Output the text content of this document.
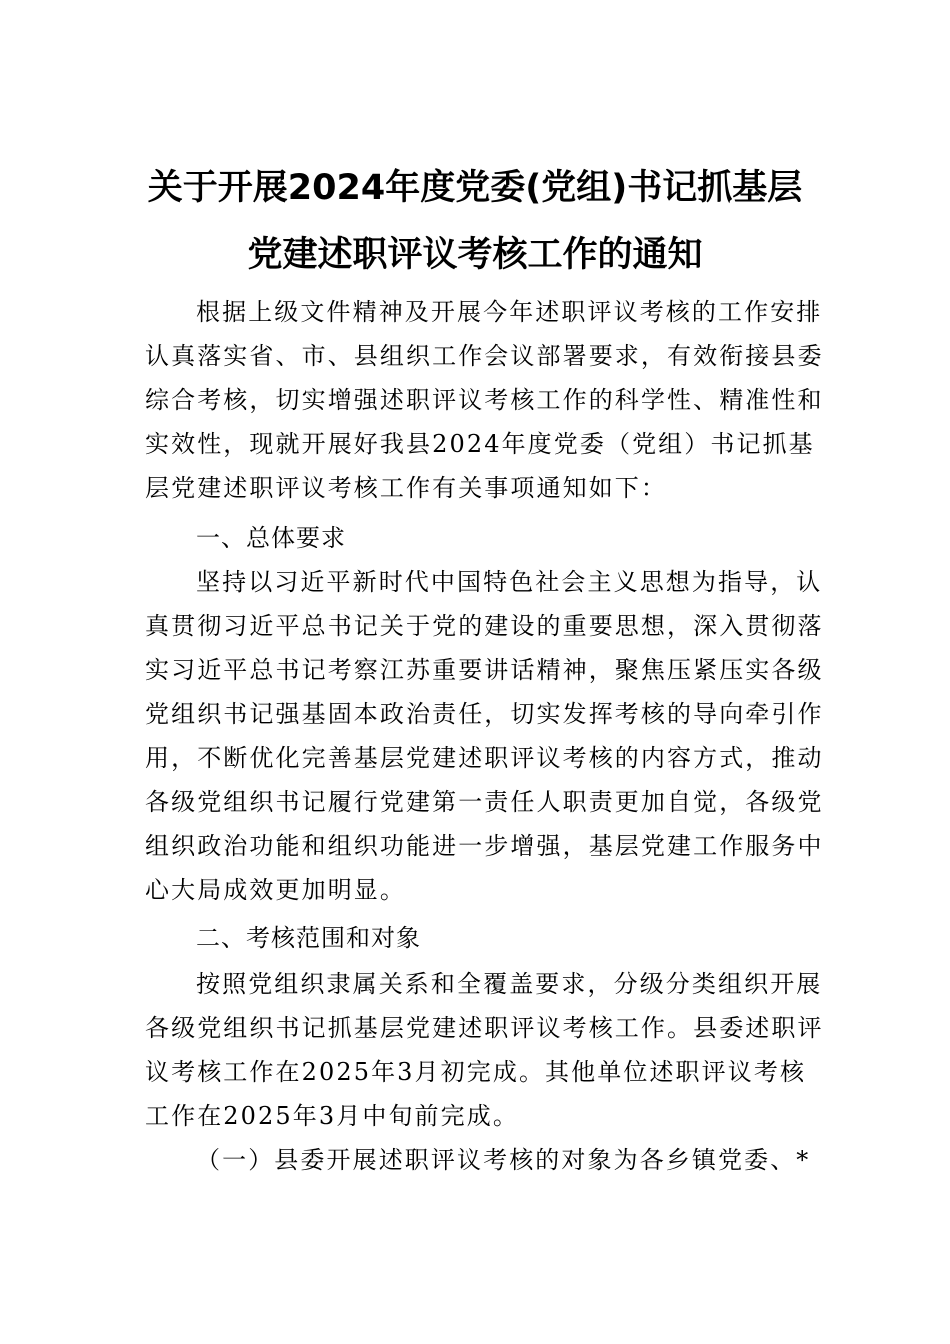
关于开展2024年度党委(党组)书记抓基层
党建述职评议考核工作的通知
根据上级文件精神及开展今年述职评议考核的工作安排
认真落实省、市、县组织工作会议部署要求，有效衔接县委
综合考核，切实增强述职评议考核工作的科学性、精准性和
实效性，现就开展好我县2024年度党委（党组）书记抓基
层党建述职评议考核工作有关事项通知如下：
一、总体要求
坚持以习近平新时代中国特色社会主义思想为指导，认
真贯彻习近平总书记关于党的建设的重要思想，深入贯彻落
实习近平总书记考察江苏重要讲话精神，聚焦压紧压实各级
党组织书记强基固本政治责任，切实发挥考核的导向牵引作
用，不断优化完善基层党建述职评议考核的内容方式，推动
各级党组织书记履行党建第一责任人职责更加自觉，各级党
组织政治功能和组织功能进一步增强，基层党建工作服务中
心大局成效更加明显。
二、考核范围和对象
按照党组织隶属关系和全覆盖要求，分级分类组织开展
各级党组织书记抓基层党建述职评议考核工作。县委述职评
议考核工作在2025年3月初完成。其他单位述职评议考核
工作在2025年3月中旬前完成。
（一）县委开展述职评议考核的对象为各乡镇党委、*
